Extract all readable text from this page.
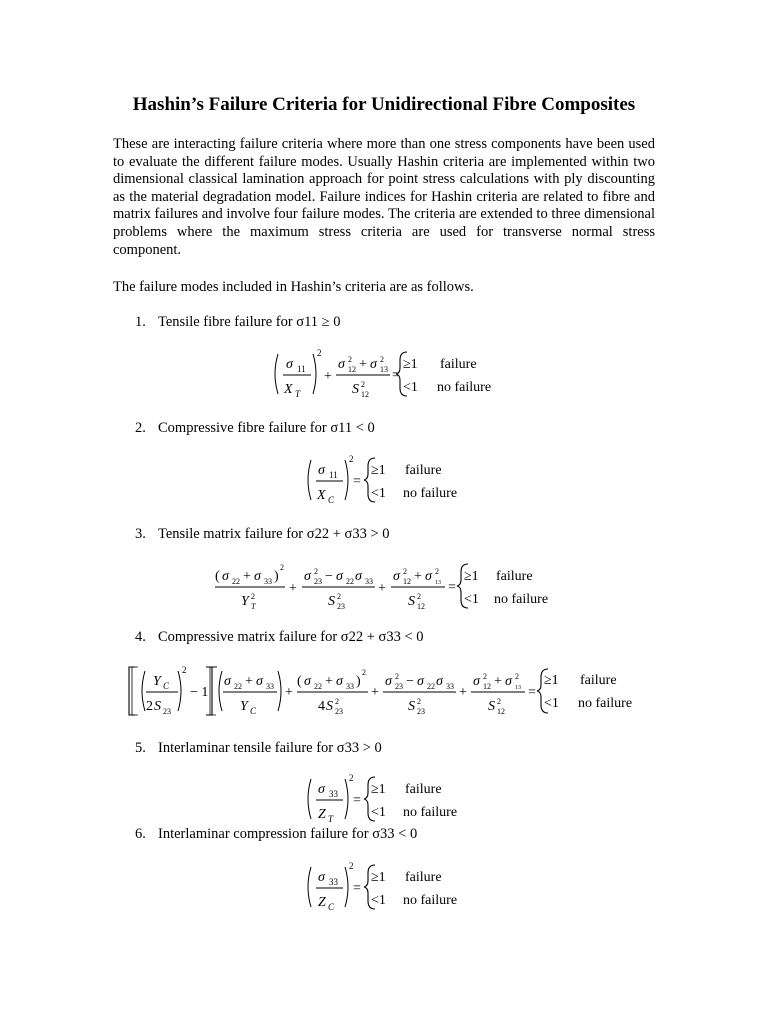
Hashin’s Failure Criteria for Unidirectional Fibre Composites
These are interacting failure criteria where more than one stress components have been used to evaluate the different failure modes. Usually Hashin criteria are implemented within two dimensional classical lamination approach for point stress calculations with ply discounting as the material degradation model. Failure indices for Hashin criteria are related to fibre and matrix failures and involve four failure modes. The criteria are extended to three dimensional problems where the maximum stress criteria are used for transverse normal stress component.
The failure modes included in Hashin’s criteria are as follows.
1. Tensile fibre failure for σ11 ≥ 0
σ 11
X T
2
+
σ 2
12 + σ 2
13
S 2
12
=
≥1 failure
<1 no failure
2. Compressive fibre failure for σ11 < 0
σ 11
X C
2
=
≥1 failure
<1 no failure
3. Tensile matrix failure for σ22 + σ33 > 0
( σ 22 + σ 33 )
2
Y 2
T
+
σ 2
23 − σ 22 σ 33
S 2
23
+
σ 2
12 + σ 2
13
S 2
12
=
≥1 failure
<1 no failure
4. Compressive matrix failure for σ22 + σ33 < 0
Y C
2 S 23
2
− 1
σ 22 + σ 33
Y C
+
( σ 22 + σ 33 )
2
4 S 2
23
+
σ 2
23 − σ 22 σ 33
S 2
23
+
σ 2
12 + σ 2
13
S 2
12
=
≥1 failure
<1 no failure
5. Interlaminar tensile failure for σ33 > 0
σ 33
Z T
2
=
≥1 failure
<1 no failure
6. Interlaminar compression failure for σ33 < 0
σ 33
Z C
2
=
≥1 failure
<1 no failure
